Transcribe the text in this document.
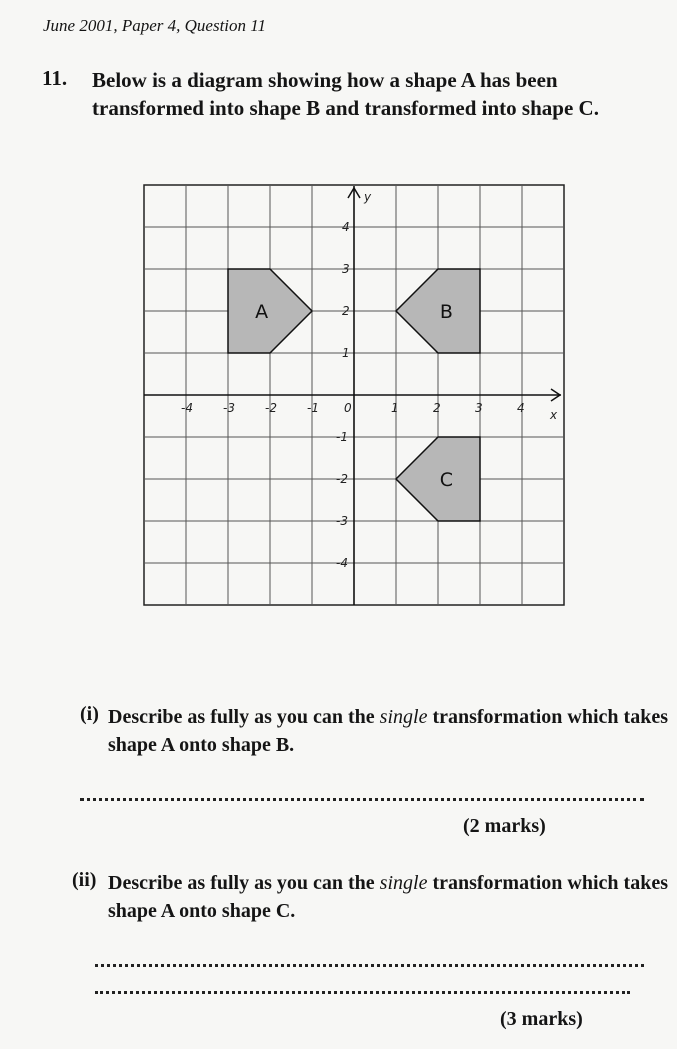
June 2001, Paper 4, Question 11
11. Below is a diagram showing how a shape A has been transformed into shape B and transformed into shape C.
x
y
-4	-3	-2	-1 0	1	2	3	4
4
3
2
1
-1
-2
-3
-4
A	B
C
(i) Describe as fully as you can the single transformation which takes shape A onto shape B.
(2 marks)
(ii) Describe as fully as you can the single transformation which takes shape A onto shape C.
(3 marks)
